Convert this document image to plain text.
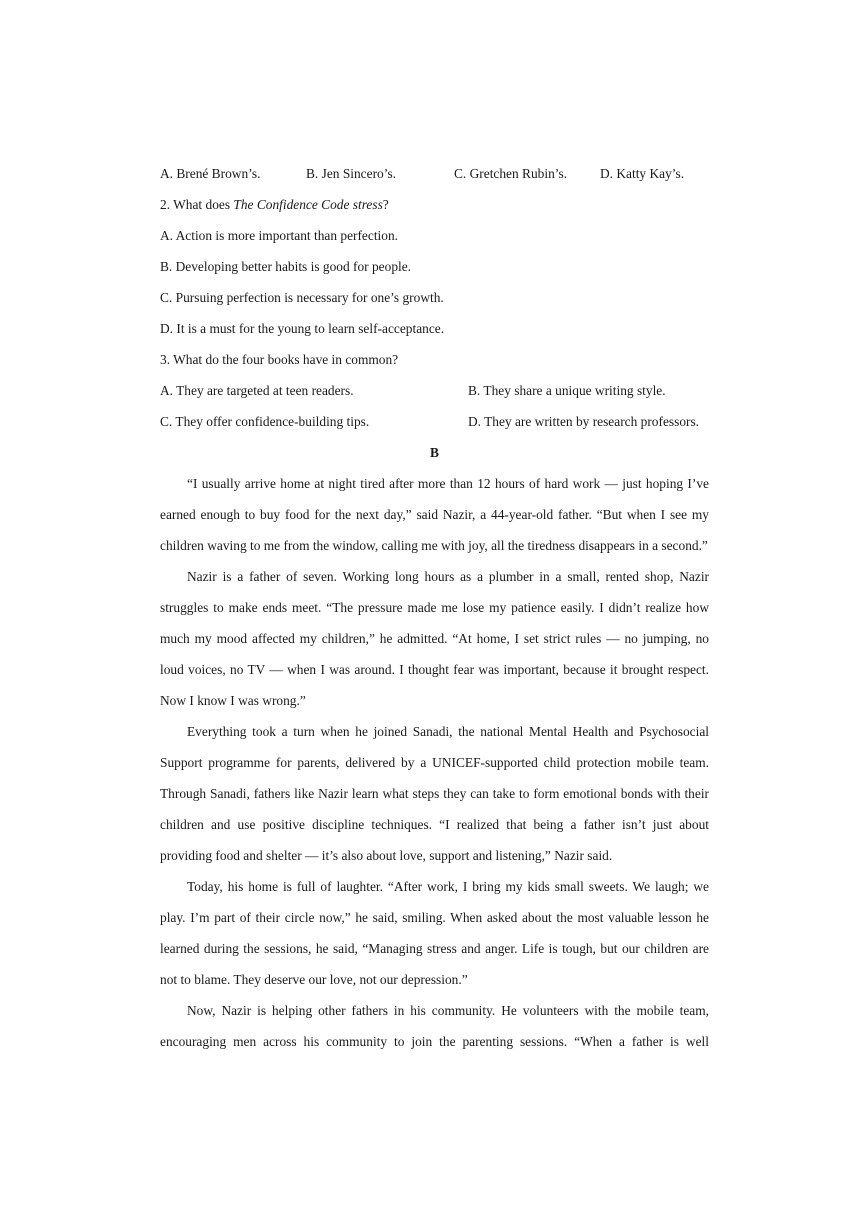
A. Brené Brown’s.	B. Jen Sincero’s.	C. Gretchen Rubin’s.	D. Katty Kay’s.
2. What does The Confidence Code stress?
A. Action is more important than perfection.
B. Developing better habits is good for people.
C. Pursuing perfection is necessary for one’s growth.
D. It is a must for the young to learn self-acceptance.
3. What do the four books have in common?
A. They are targeted at teen readers.	B. They share a unique writing style.
C. They offer confidence-building tips.	D. They are written by research professors.
B

“I usually arrive home at night tired after more than 12 hours of hard work — just hoping I’ve earned enough to buy food for the next day,” said Nazir, a 44-year-old father. “But when I see my children waving to me from the window, calling me with joy, all the tiredness disappears in a second.”

Nazir is a father of seven. Working long hours as a plumber in a small, rented shop, Nazir struggles to make ends meet. “The pressure made me lose my patience easily. I didn’t realize how much my mood affected my children,” he admitted. “At home, I set strict rules — no jumping, no loud voices, no TV — when I was around. I thought fear was important, because it brought respect. Now I know I was wrong.”

Everything took a turn when he joined Sanadi, the national Mental Health and Psychosocial Support programme for parents, delivered by a UNICEF-supported child protection mobile team. Through Sanadi, fathers like Nazir learn what steps they can take to form emotional bonds with their children and use positive discipline techniques. “I realized that being a father isn’t just about providing food and shelter — it’s also about love, support and listening,” Nazir said.

Today, his home is full of laughter. “After work, I bring my kids small sweets. We laugh; we play. I’m part of their circle now,” he said, smiling. When asked about the most valuable lesson he learned during the sessions, he said, “Managing stress and anger. Life is tough, but our children are not to blame. They deserve our love, not our depression.”

Now, Nazir is helping other fathers in his community. He volunteers with the mobile team, encouraging men across his community to join the parenting sessions. “When a father is well
